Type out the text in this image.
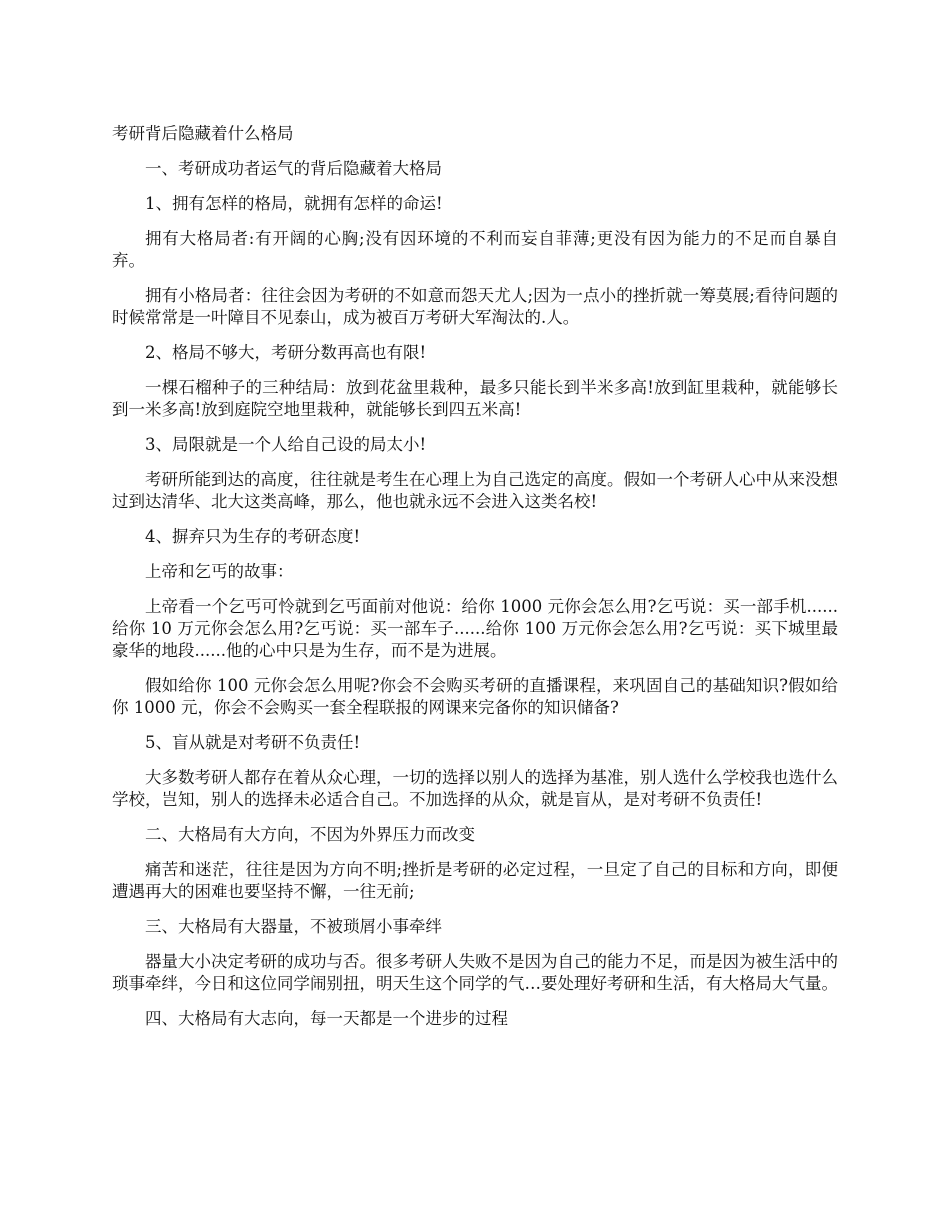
考研背后隐藏着什么格局

一、考研成功者运气的背后隐藏着大格局

1、拥有怎样的格局，就拥有怎样的命运!

拥有大格局者:有开阔的心胸;没有因环境的不利而妄自菲薄;更没有因为能力的不足而自暴自弃。

拥有小格局者：往往会因为考研的不如意而怨天尤人;因为一点小的挫折就一筹莫展;看待问题的时候常常是一叶障目不见泰山，成为被百万考研大军淘汰的.人。

2、格局不够大，考研分数再高也有限!

一棵石榴种子的三种结局：放到花盆里栽种，最多只能长到半米多高!放到缸里栽种，就能够长到一米多高!放到庭院空地里栽种，就能够长到四五米高!

3、局限就是一个人给自己设的局太小!

考研所能到达的高度，往往就是考生在心理上为自己选定的高度。假如一个考研人心中从来没想过到达清华、北大这类高峰，那么，他也就永远不会进入这类名校!

4、摒弃只为生存的考研态度!

上帝和乞丐的故事：

上帝看一个乞丐可怜就到乞丐面前对他说：给你 1000 元你会怎么用?乞丐说：买一部手机......给你 10 万元你会怎么用?乞丐说：买一部车子......给你 100 万元你会怎么用?乞丐说：买下城里最豪华的地段......他的心中只是为生存，而不是为进展。

假如给你 100 元你会怎么用呢?你会不会购买考研的直播课程，来巩固自己的基础知识?假如给你 1000 元，你会不会购买一套全程联报的网课来完备你的知识储备?

5、盲从就是对考研不负责任!

大多数考研人都存在着从众心理，一切的选择以别人的选择为基准，别人选什么学校我也选什么学校，岂知，别人的选择未必适合自己。不加选择的从众，就是盲从，是对考研不负责任!

二、大格局有大方向，不因为外界压力而改变

痛苦和迷茫，往往是因为方向不明;挫折是考研的必定过程，一旦定了自己的目标和方向，即便遭遇再大的困难也要坚持不懈，一往无前;

三、大格局有大器量，不被琐屑小事牵绊

器量大小决定考研的成功与否。很多考研人失败不是因为自己的能力不足，而是因为被生活中的琐事牵绊，今日和这位同学闹别扭，明天生这个同学的气…要处理好考研和生活，有大格局大气量。

四、大格局有大志向，每一天都是一个进步的过程
